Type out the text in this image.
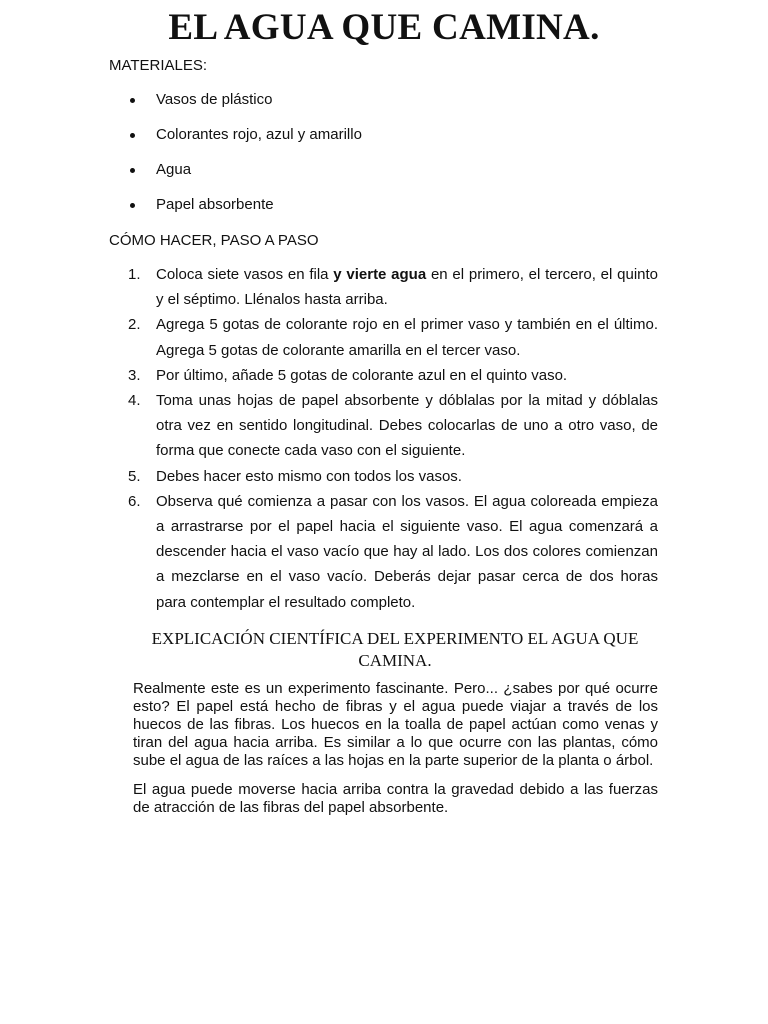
EL AGUA QUE CAMINA.

MATERIALES:

Vasos de plástico
Colorantes rojo, azul y amarillo
Agua
Papel absorbente

CÓMO HACER, PASO A PASO

1. Coloca siete vasos en fila y vierte agua en el primero, el tercero, el quinto y el séptimo. Llénalos hasta arriba.
2. Agrega 5 gotas de colorante rojo en el primer vaso y también en el último. Agrega 5 gotas de colorante amarilla en el tercer vaso.
3. Por último, añade 5 gotas de colorante azul en el quinto vaso.
4. Toma unas hojas de papel absorbente y dóblalas por la mitad y dóblalas otra vez en sentido longitudinal. Debes colocarlas de uno a otro vaso, de forma que conecte cada vaso con el siguiente.
5. Debes hacer esto mismo con todos los vasos.
6. Observa qué comienza a pasar con los vasos. El agua coloreada empieza a arrastrarse por el papel hacia el siguiente vaso. El agua comenzará a descender hacia el vaso vacío que hay al lado. Los dos colores comienzan a mezclarse en el vaso vacío. Deberás dejar pasar cerca de dos horas para contemplar el resultado completo.
EXPLICACIÓN CIENTÍFICA DEL EXPERIMENTO EL AGUA QUE CAMINA.

Realmente este es un experimento fascinante. Pero... ¿sabes por qué ocurre esto? El papel está hecho de fibras y el agua puede viajar a través de los huecos de las fibras. Los huecos en la toalla de papel actúan como venas y tiran del agua hacia arriba. Es similar a lo que ocurre con las plantas, cómo sube el agua de las raíces a las hojas en la parte superior de la planta o árbol.

El agua puede moverse hacia arriba contra la gravedad debido a las fuerzas de atracción de las fibras del papel absorbente.
